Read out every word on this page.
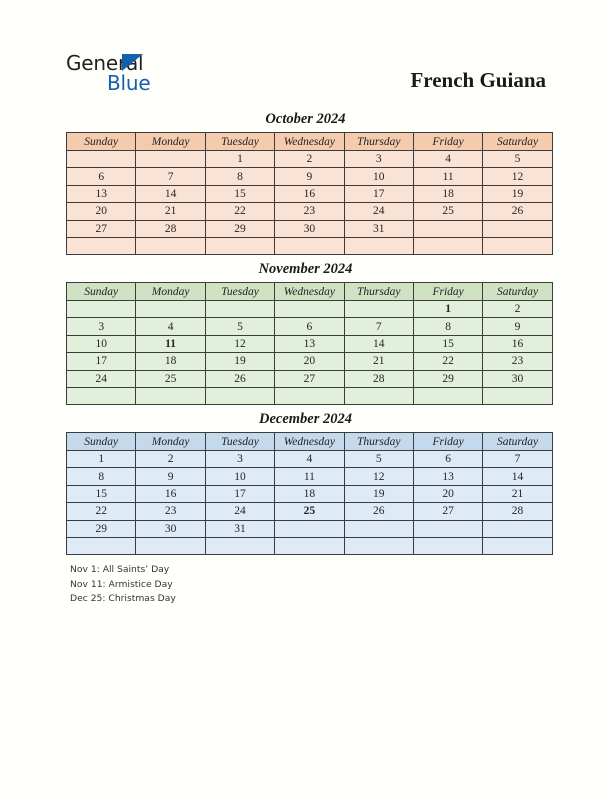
General
Blue	French Guiana
October 2024
Sunday	Monday	Tuesday	Wednesday	Thursday	Friday	Saturday
		1	2	3	4	5
6	7	8	9	10	11	12
13	14	15	16	17	18	19
20	21	22	23	24	25	26
27	28	29	30	31		

November 2024
Sunday	Monday	Tuesday	Wednesday	Thursday	Friday	Saturday
					1	2
3	4	5	6	7	8	9
10	11	12	13	14	15	16
17	18	19	20	21	22	23
24	25	26	27	28	29	30

December 2024
Sunday	Monday	Tuesday	Wednesday	Thursday	Friday	Saturday
1	2	3	4	5	6	7
8	9	10	11	12	13	14
15	16	17	18	19	20	21
22	23	24	25	26	27	28
29	30	31				

Nov 1: All Saints’ Day
Nov 11: Armistice Day
Dec 25: Christmas Day
